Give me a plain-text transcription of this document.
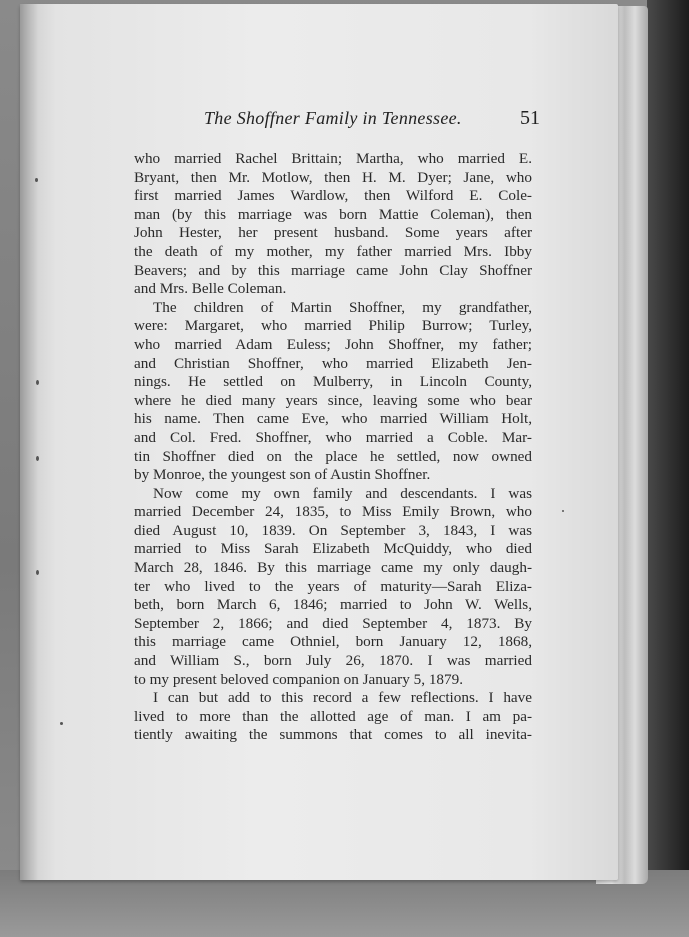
The Shoffner Family in Tennessee.	51
who married Rachel Brittain; Martha, who married E.
Bryant, then Mr. Motlow, then H. M. Dyer; Jane, who
first married James Wardlow, then Wilford E. Cole-
man (by this marriage was born Mattie Coleman), then
John Hester, her present husband. Some years after
the death of my mother, my father married Mrs. Ibby
Beavers; and by this marriage came John Clay Shoffner
and Mrs. Belle Coleman.
The children of Martin Shoffner, my grandfather,
were: Margaret, who married Philip Burrow; Turley,
who married Adam Euless; John Shoffner, my father;
and Christian Shoffner, who married Elizabeth Jen-
nings. He settled on Mulberry, in Lincoln County,
where he died many years since, leaving some who bear
his name. Then came Eve, who married William Holt,
and Col. Fred. Shoffner, who married a Coble. Mar-
tin Shoffner died on the place he settled, now owned
by Monroe, the youngest son of Austin Shoffner.
Now come my own family and descendants. I was
married December 24, 1835, to Miss Emily Brown, who
died August 10, 1839. On September 3, 1843, I was
married to Miss Sarah Elizabeth McQuiddy, who died
March 28, 1846. By this marriage came my only daugh-
ter who lived to the years of maturity—Sarah Eliza-
beth, born March 6, 1846; married to John W. Wells,
September 2, 1866; and died September 4, 1873. By
this marriage came Othniel, born January 12, 1868,
and William S., born July 26, 1870. I was married
to my present beloved companion on January 5, 1879.
I can but add to this record a few reflections. I have
lived to more than the allotted age of man. I am pa-
tiently awaiting the summons that comes to all inevita-
